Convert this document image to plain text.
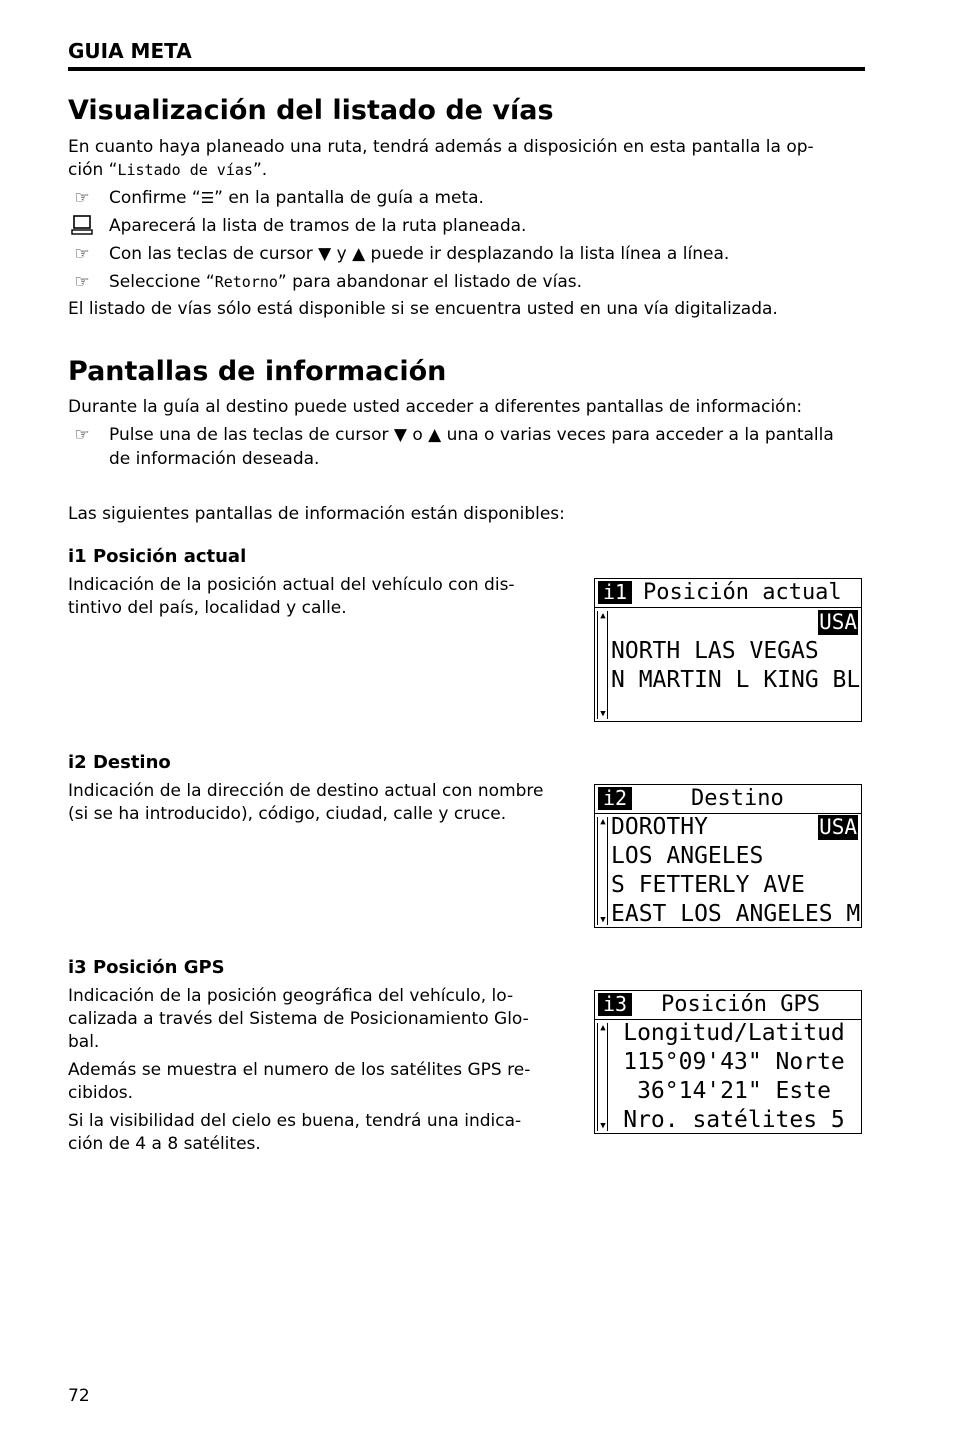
GUIA META
Visualización del listado de vías
En cuanto haya planeado una ruta, tendrá además a disposición en esta pantalla la op-
ción “Listado de vías”.
☞	Confirme “☰” en la pantalla de guía a meta.
Aparecerá la lista de tramos de la ruta planeada.
☞	Con las teclas de cursor ▼ y ▲ puede ir desplazando la lista línea a línea.
☞	Seleccione “Retorno” para abandonar el listado de vías.
El listado de vías sólo está disponible si se encuentra usted en una vía digitalizada.
Pantallas de información
Durante la guía al destino puede usted acceder a diferentes pantallas de información:
☞	Pulse una de las teclas de cursor ▼ o ▲ una o varias veces para acceder a la pantalla
de información deseada.
Las siguientes pantallas de información están disponibles:
i1 Posición actual
Indicación de la posición actual del vehículo con dis-
tintivo del país, localidad y calle.
i1 Posición actual
▲
▼
USA
NORTH LAS VEGAS
N MARTIN L KING BL
i2 Destino
Indicación de la dirección de destino actual con nombre
(si se ha introducido), código, ciudad, calle y cruce.
i2	Destino
▲
▼
DOROTHY	USA
LOS ANGELES
S FETTERLY AVE
EAST LOS ANGELES M
i3 Posición GPS
Indicación de la posición geográfica del vehículo, lo-
calizada a través del Sistema de Posicionamiento Glo-
bal.
Además se muestra el numero de los satélites GPS re-
cibidos.
Si la visibilidad del cielo es buena, tendrá una indica-
ción de 4 a 8 satélites.
i3 Posición GPS
▲
▼
Longitud/Latitud
115°09'43" Norte
36°14'21" Este
Nro. satélites 5
72
